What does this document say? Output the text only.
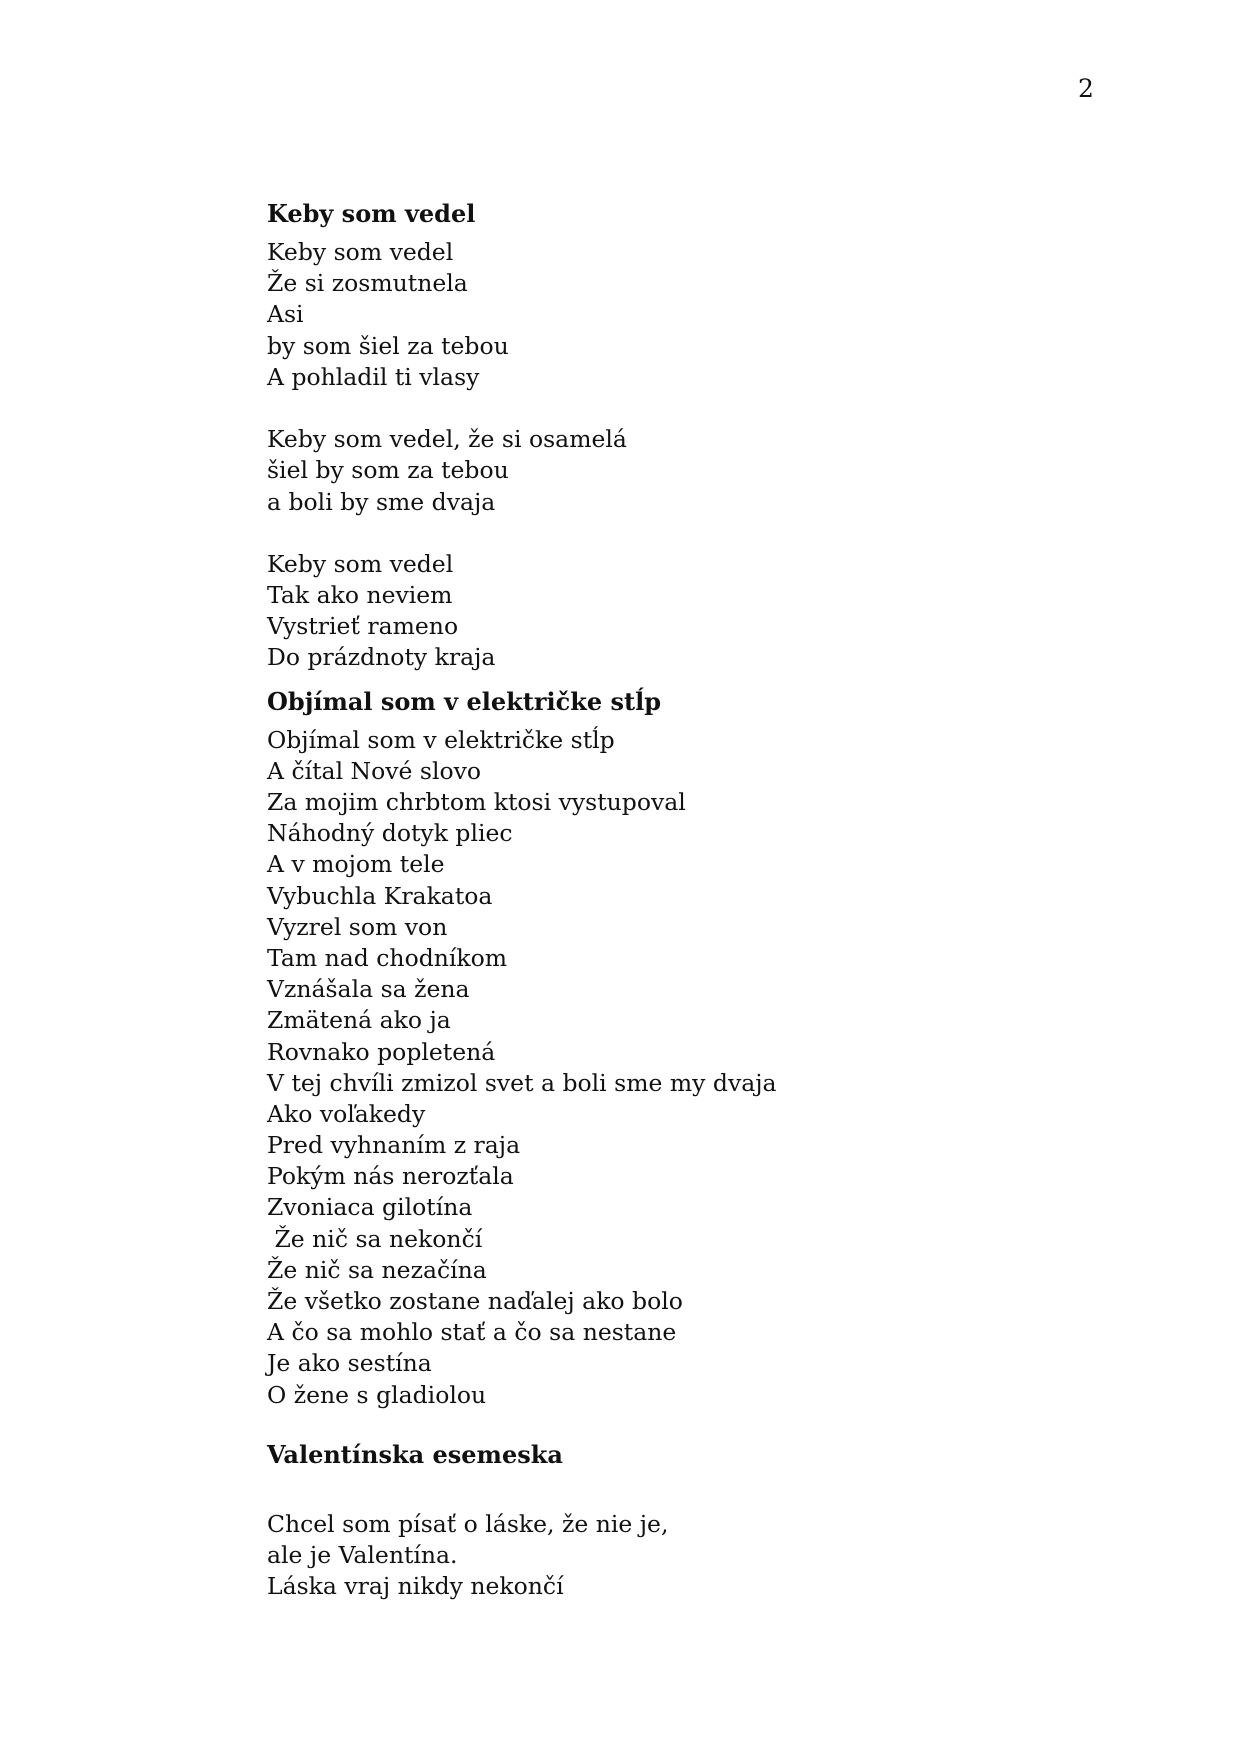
2
Keby som vedel
Keby som vedel
Že si zosmutnela
Asi
by som šiel za tebou
A pohladil ti vlasy
Keby som vedel, že si osamelá
šiel by som za tebou
a boli by sme dvaja
Keby som vedel
Tak ako neviem
Vystrieť rameno
Do prázdnoty kraja
Objímal som v električke stĺp
Objímal som v električke stĺp
A čítal Nové slovo
Za mojim chrbtom ktosi vystupoval
Náhodný dotyk pliec
A v mojom tele
Vybuchla Krakatoa
Vyzrel som von
Tam nad chodníkom
Vznášala sa žena
Zmätená ako ja
Rovnako popletená
V tej chvíli zmizol svet a boli sme my dvaja
Ako voľakedy
Pred vyhnaním z raja
Pokým nás nerozťala
Zvoniaca gilotína
Že nič sa nekončí
Že nič sa nezačína
Že všetko zostane naďalej ako bolo
A čo sa mohlo stať a čo sa nestane
Je ako sestína
O žene s gladiolou
Valentínska esemeska
Chcel som písať o láske, že nie je,
ale je Valentína.
Láska vraj nikdy nekončí
